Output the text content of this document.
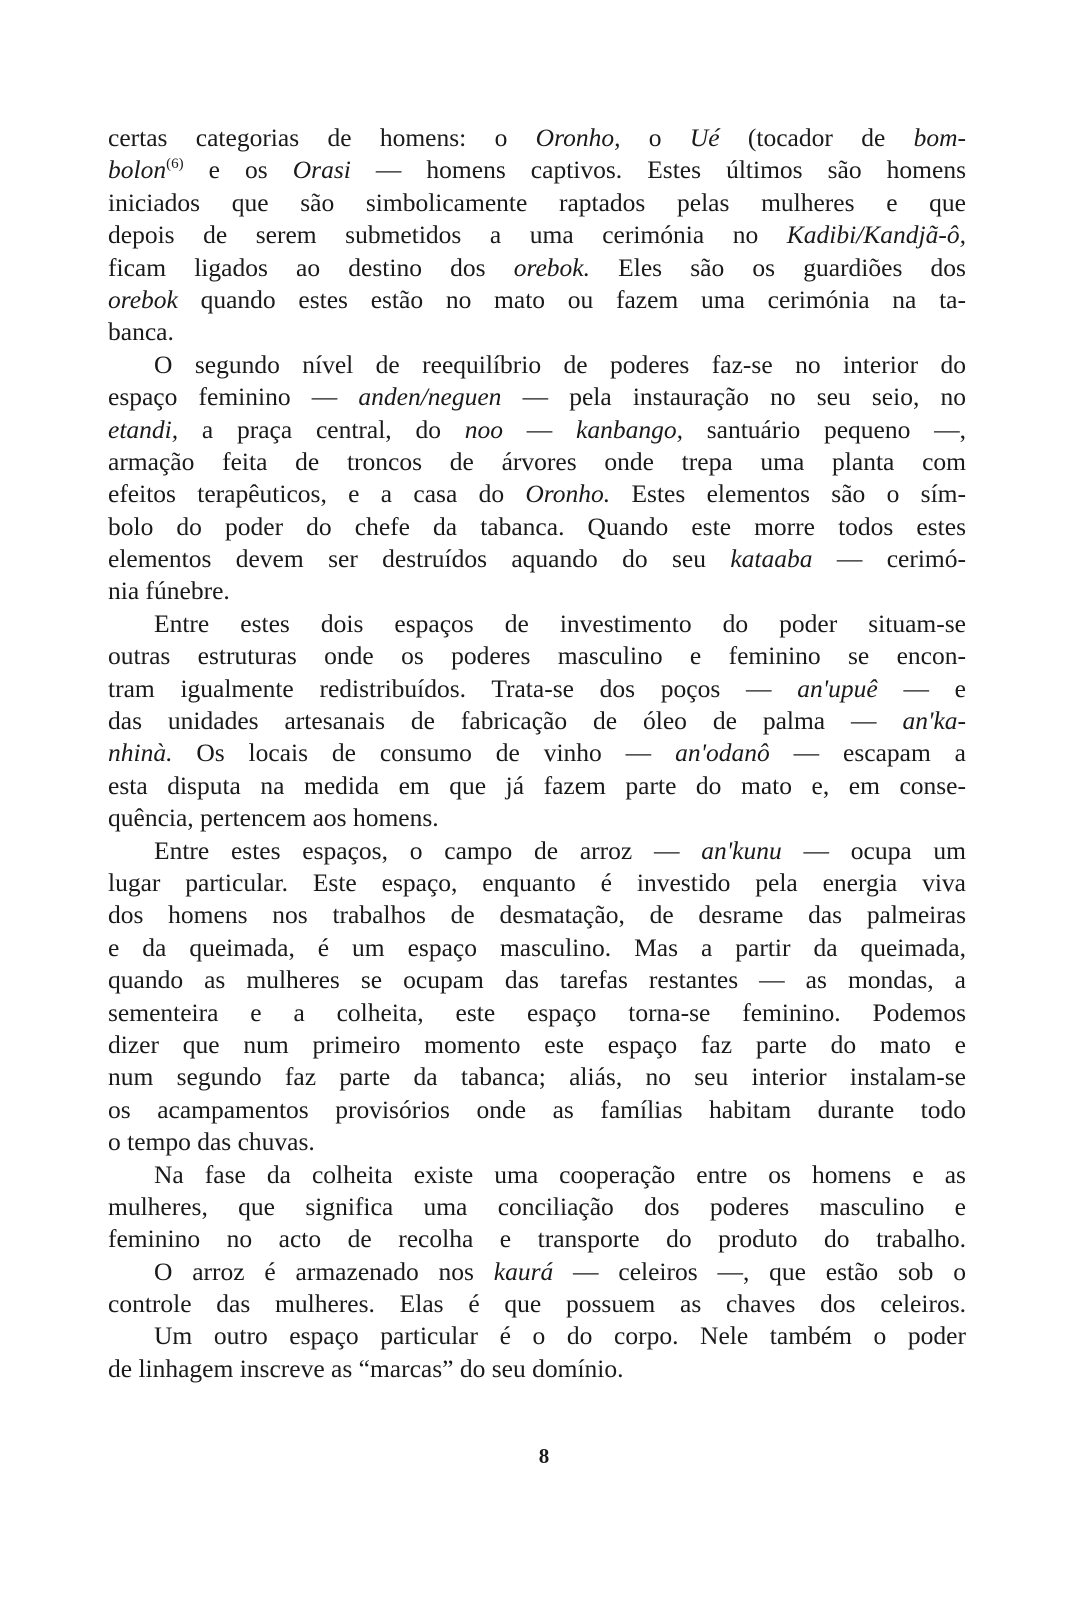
certas categorias de homens: o Oronho, o Ué (tocador de bom-
bolon$^{(6)}$ e os Orasi — homens captivos. Estes últimos são homens
iniciados que são simbolicamente raptados pelas mulheres e que
depois de serem submetidos a uma cerimónia no Kadibi/Kandjã-ô,
ficam ligados ao destino dos orebok. Eles são os guardiões dos
orebok quando estes estão no mato ou fazem uma cerimónia na ta-
banca.
O segundo nível de reequilíbrio de poderes faz-se no interior do
espaço feminino — anden/neguen — pela instauração no seu seio, no
etandi, a praça central, do noo — kanbango, santuário pequeno —,
armação feita de troncos de árvores onde trepa uma planta com
efeitos terapêuticos, e a casa do Oronho. Estes elementos são o sím-
bolo do poder do chefe da tabanca. Quando este morre todos estes
elementos devem ser destruídos aquando do seu kataaba — cerimó-
nia fúnebre.
Entre estes dois espaços de investimento do poder situam-se
outras estruturas onde os poderes masculino e feminino se encon-
tram igualmente redistribuídos. Trata-se dos poços — an'upuê — e
das unidades artesanais de fabricação de óleo de palma — an'ka-
nhinà. Os locais de consumo de vinho — an'odanô — escapam a
esta disputa na medida em que já fazem parte do mato e, em conse-
quência, pertencem aos homens.
Entre estes espaços, o campo de arroz — an'kunu — ocupa um
lugar particular. Este espaço, enquanto é investido pela energia viva
dos homens nos trabalhos de desmatação, de desrame das palmeiras
e da queimada, é um espaço masculino. Mas a partir da queimada,
quando as mulheres se ocupam das tarefas restantes — as mondas, a
sementeira e a colheita, este espaço torna-se feminino. Podemos
dizer que num primeiro momento este espaço faz parte do mato e
num segundo faz parte da tabanca; aliás, no seu interior instalam-se
os acampamentos provisórios onde as famílias habitam durante todo
o tempo das chuvas.
Na fase da colheita existe uma cooperação entre os homens e as
mulheres, que significa uma conciliação dos poderes masculino e
feminino no acto de recolha e transporte do produto do trabalho.
O arroz é armazenado nos kaurá — celeiros —, que estão sob o
controle das mulheres. Elas é que possuem as chaves dos celeiros.
Um outro espaço particular é o do corpo. Nele também o poder
de linhagem inscreve as “marcas” do seu domínio.
8
